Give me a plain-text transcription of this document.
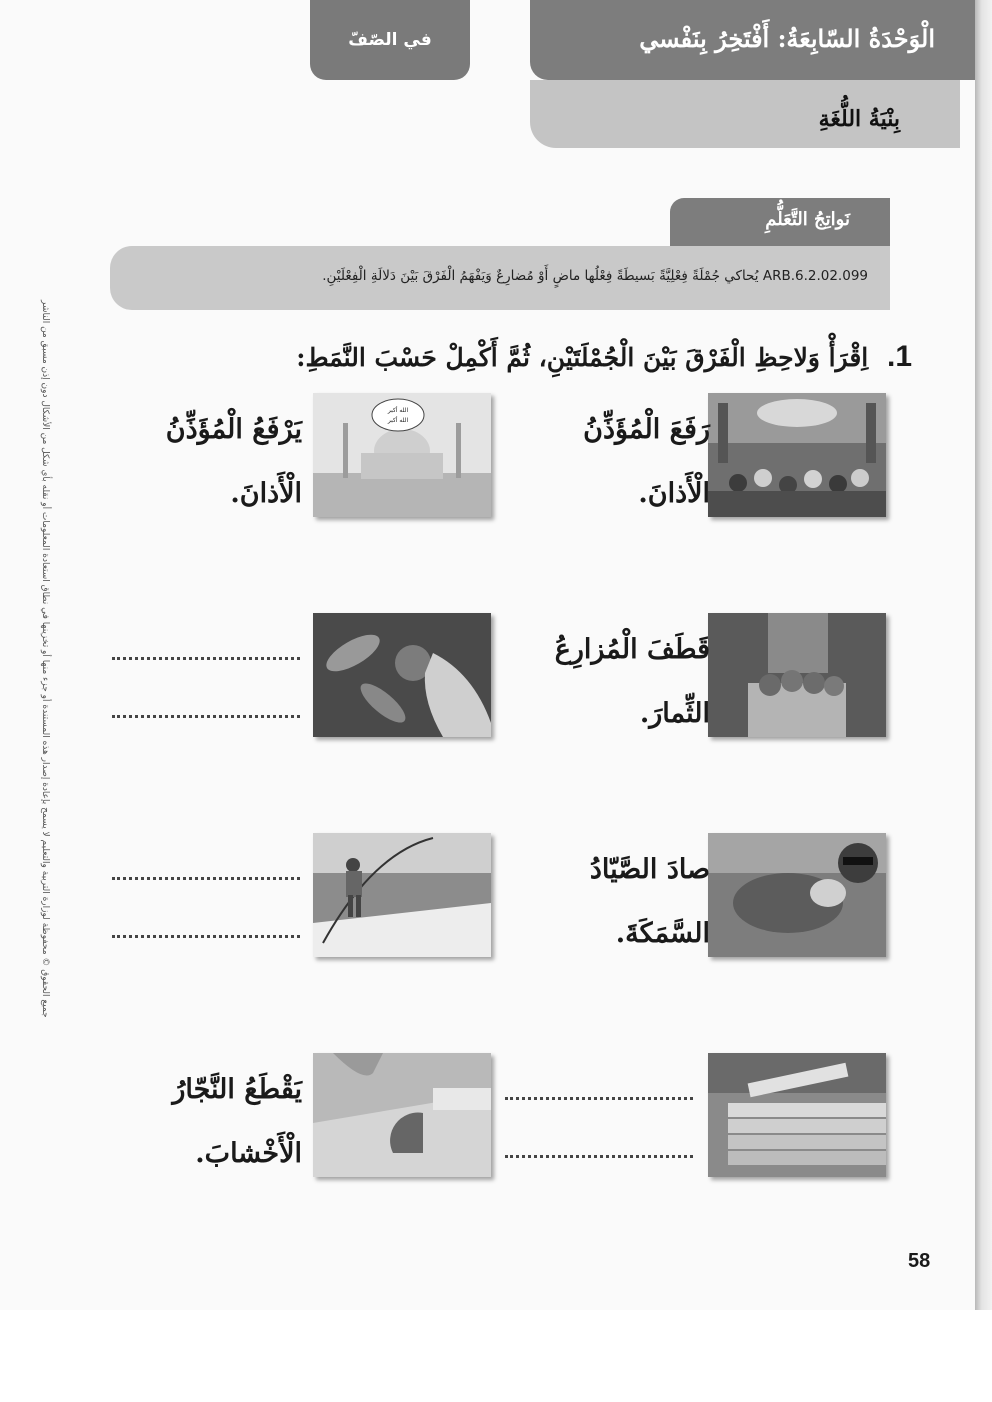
الْوَحْدَةُ السّابِعَةُ: أَفْتَخِرُ بِنَفْسي
بِنْيَةُ اللُّغَةِ
في الصّفّ
نَواتِجُ التَّعَلُّمِ
ARB.6.2.02.099 يُحاكي جُمْلَةً فِعْلِيَّةً بَسيطَةً فِعْلُها ماضٍ أَوْ مُضارِعٌ وَيَفْهَمُ الْفَرْقَ بَيْنَ دَلالَةِ الْفِعْلَيْنِ.
1. اِقْرَأْ وَلاحِظِ الْفَرْقَ بَيْنَ الْجُمْلَتَيْنِ، ثُمَّ أَكْمِلْ حَسْبَ النَّمَطِ:
رَفَعَ الْمُؤَذِّنُ
الْأَذانَ.
الله أكبر
الله أكبر
يَرْفَعُ الْمُؤَذِّنُ
الْأَذانَ.
قَطَفَ الْمُزارِعُ
الثِّمارَ.
صادَ الصَّيّادُ
السَّمَكَةَ.
يَقْطَعُ النَّجّارُ
الْأَخْشابَ.
جميع الحقوق © محفوظة لوزارة التربية والتعليم لا يسمح بإعادة إصدار هذه المستندة أو جزء منها أو تخزينها في نطاق استعادة المعلومات أو نقله بأي شكل من الأشكال دون إذن مسبق من الناشر
58
